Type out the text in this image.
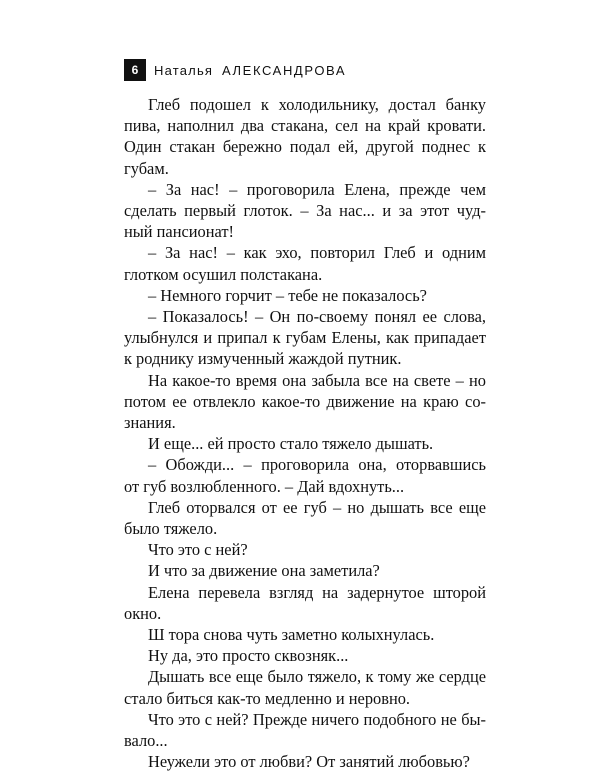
6	Наталья АЛЕКСАНДРОВА
Глеб подошел к холодильнику, достал банку
пива, наполнил два стакана, сел на край кровати.
Один стакан бережно подал ей, другой поднес к
губам.
– За нас! – проговорила Елена, прежде чем
сделать первый глоток. – За нас... и за этот чуд-
ный пансионат!
– За нас! – как эхо, повторил Глеб и одним
глотком осушил полстакана.
– Немного горчит – тебе не показалось?
– Показалось! – Он по-своему понял ее слова,
улыбнулся и припал к губам Елены, как припадает
к роднику измученный жаждой путник.
На какое-то время она забыла все на свете – но
потом ее отвлекло какое-то движение на краю со-
знания.
И еще... ей просто стало тяжело дышать.
– Обожди... – проговорила она, оторвавшись
от губ возлюбленного. – Дай вдохнуть...
Глеб оторвался от ее губ – но дышать все еще
было тяжело.
Что это с ней?
И что за движение она заметила?
Елена перевела взгляд на задернутое шторой
окно.
Ш тора снова чуть заметно колыхнулась.
Ну да, это просто сквозняк...
Дышать все еще было тяжело, к тому же сердце
стало биться как-то медленно и неровно.
Что это с ней? Прежде ничего подобного не бы-
вало...
Неужели это от любви? От занятий любовью?
